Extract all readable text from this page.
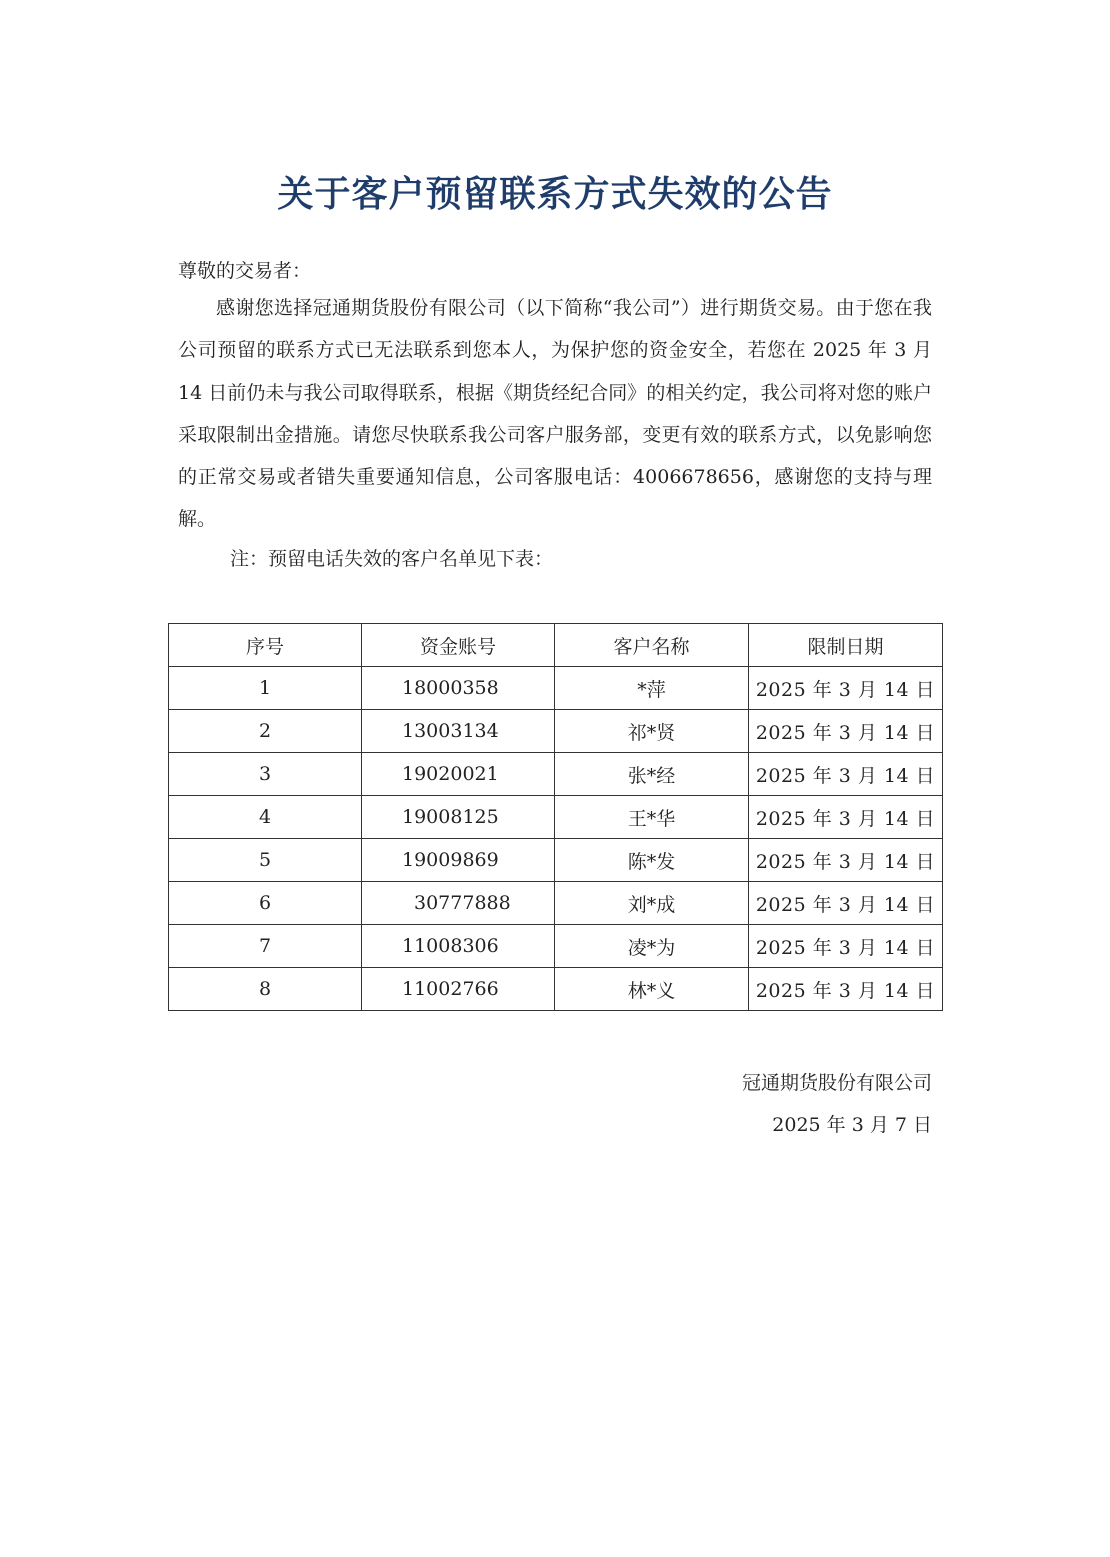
关于客户预留联系方式失效的公告
尊敬的交易者：

感谢您选择冠通期货股份有限公司（以下简称“我公司”）进行期货交易。由于您在我公司预留的联系方式已无法联系到您本人，为保护您的资金安全，若您在 2025 年 3 月 14 日前仍未与我公司取得联系，根据《期货经纪合同》的相关约定，我公司将对您的账户采取限制出金措施。请您尽快联系我公司客户服务部，变更有效的联系方式，以免影响您的正常交易或者错失重要通知信息，公司客服电话：4006678656，感谢您的支持与理解。

注：预留电话失效的客户名单见下表：
序号	资金账号	客户名称	限制日期
1	18000358	*萍	2025 年 3 月 14 日
2	13003134	祁*贤	2025 年 3 月 14 日
3	19020021	张*经	2025 年 3 月 14 日
4	19008125	王*华	2025 年 3 月 14 日
5	19009869	陈*发	2025 年 3 月 14 日
6	30777888	刘*成	2025 年 3 月 14 日
7	11008306	凌*为	2025 年 3 月 14 日
8	11002766	林*义	2025 年 3 月 14 日
冠通期货股份有限公司
2025 年 3 月 7 日
